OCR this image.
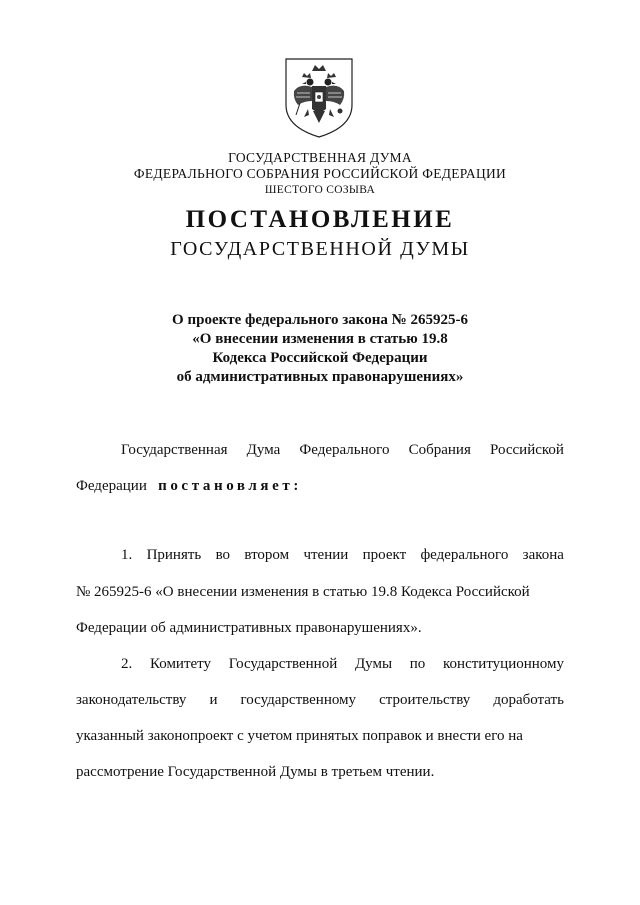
ГОСУДАРСТВЕННАЯ ДУМА
ФЕДЕРАЛЬНОГО СОБРАНИЯ РОССИЙСКОЙ ФЕДЕРАЦИИ
ШЕСТОГО СОЗЫВА
ПОСТАНОВЛЕНИЕ
ГОСУДАРСТВЕННОЙ ДУМЫ
О проекте федерального закона № 265925-6
«О внесении изменения в статью 19.8
Кодекса Российской Федерации
об административных правонарушениях»
Государственная Дума Федерального Собрания Российской
Федерации постановляет:
1. Принять во втором чтении проект федерального закона
№ 265925-6 «О внесении изменения в статью 19.8 Кодекса Российской
Федерации об административных правонарушениях».
2. Комитету Государственной Думы по конституционному
законодательству и государственному строительству доработать
указанный законопроект с учетом принятых поправок и внести его на
рассмотрение Государственной Думы в третьем чтении.
